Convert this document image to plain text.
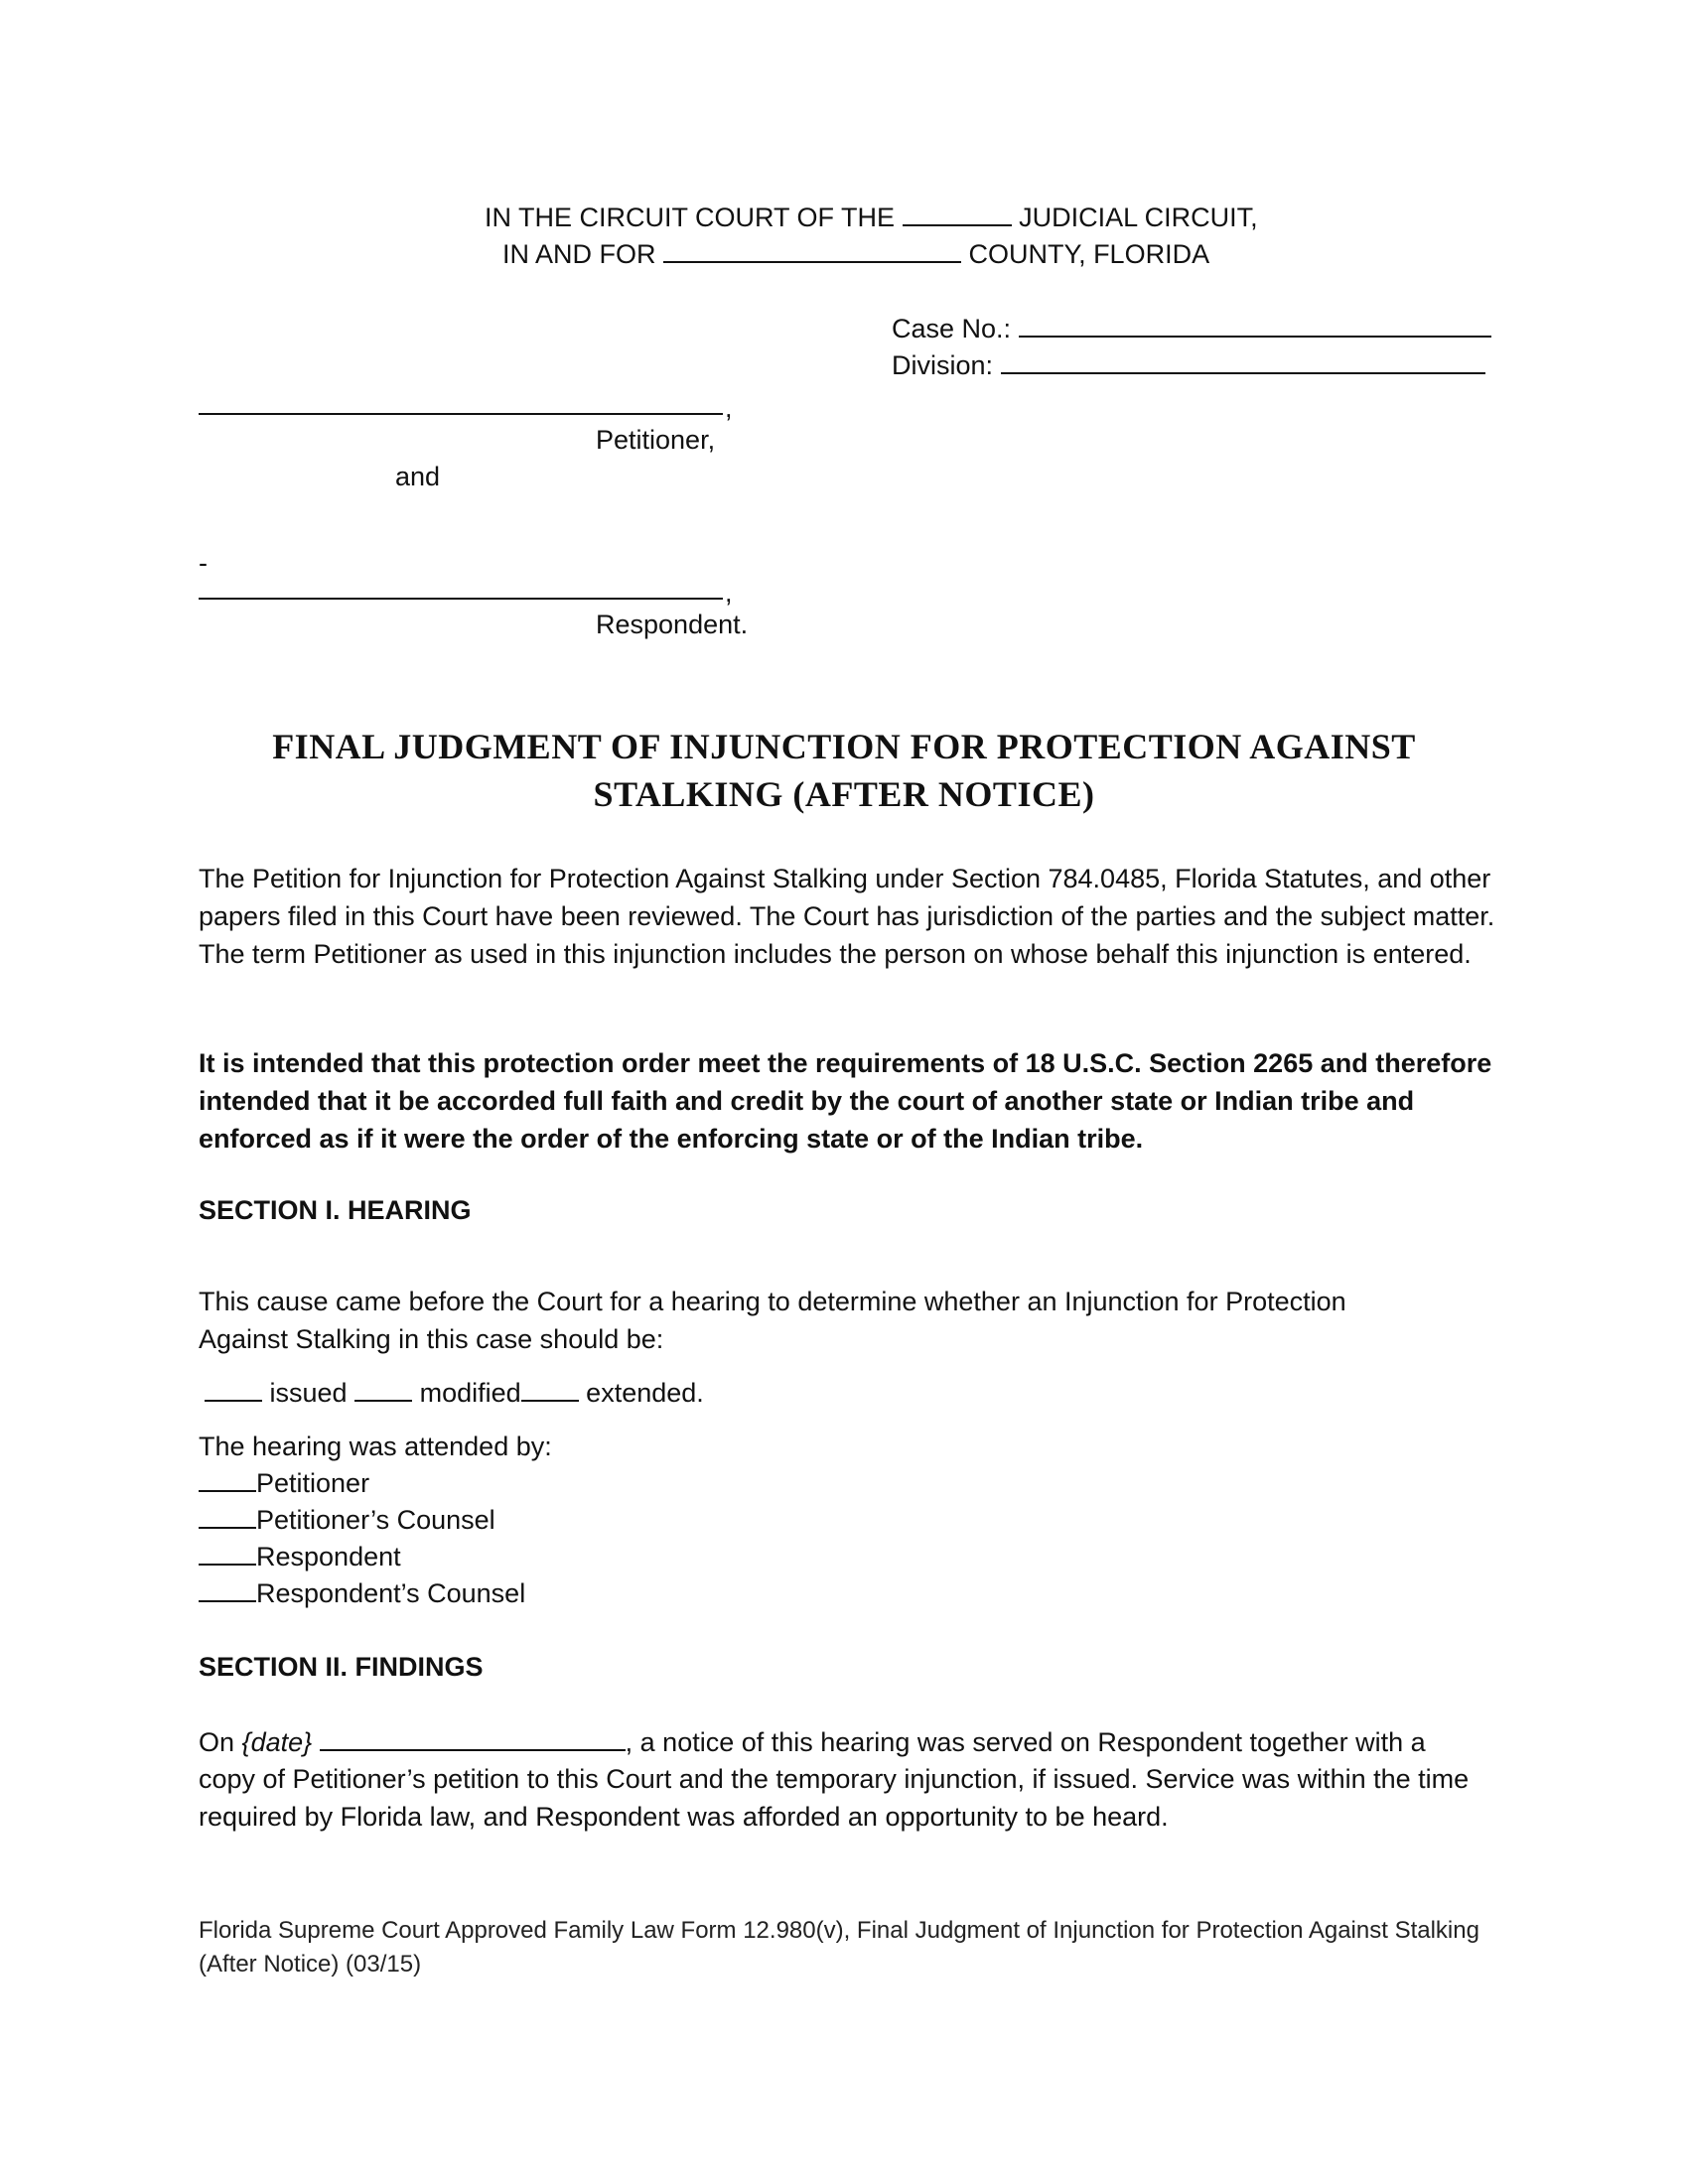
IN THE CIRCUIT COURT OF THE	JUDICIAL CIRCUIT,
IN AND FOR	COUNTY, FLORIDA
Case No.:
Division:
,
Petitioner,
and
-
,
Respondent.
FINAL JUDGMENT OF INJUNCTION FOR PROTECTION AGAINST
STALKING (AFTER NOTICE)
The Petition for Injunction for Protection Against Stalking under Section 784.0485, Florida Statutes, and other papers filed in this Court have been reviewed. The Court has jurisdiction of the parties and the subject matter. The term Petitioner as used in this injunction includes the person on whose behalf this injunction is entered.
It is intended that this protection order meet the requirements of 18 U.S.C. Section 2265 and therefore intended that it be accorded full faith and credit by the court of another state or Indian tribe and enforced as if it were the order of the enforcing state or of the Indian tribe.
SECTION I. HEARING
This cause came before the Court for a hearing to determine whether an Injunction for Protection Against Stalking in this case should be:
issued	modified extended.
The hearing was attended by:
Petitioner
Petitioner’s Counsel
Respondent
Respondent’s Counsel
SECTION II. FINDINGS
On {date}	, a notice of this hearing was served on Respondent together with a
copy of Petitioner’s petition to this Court and the temporary injunction, if issued. Service was within the time required by Florida law, and Respondent was afforded an opportunity to be heard.
Florida Supreme Court Approved Family Law Form 12.980(v), Final Judgment of Injunction for Protection Against Stalking (After Notice) (03/15)
